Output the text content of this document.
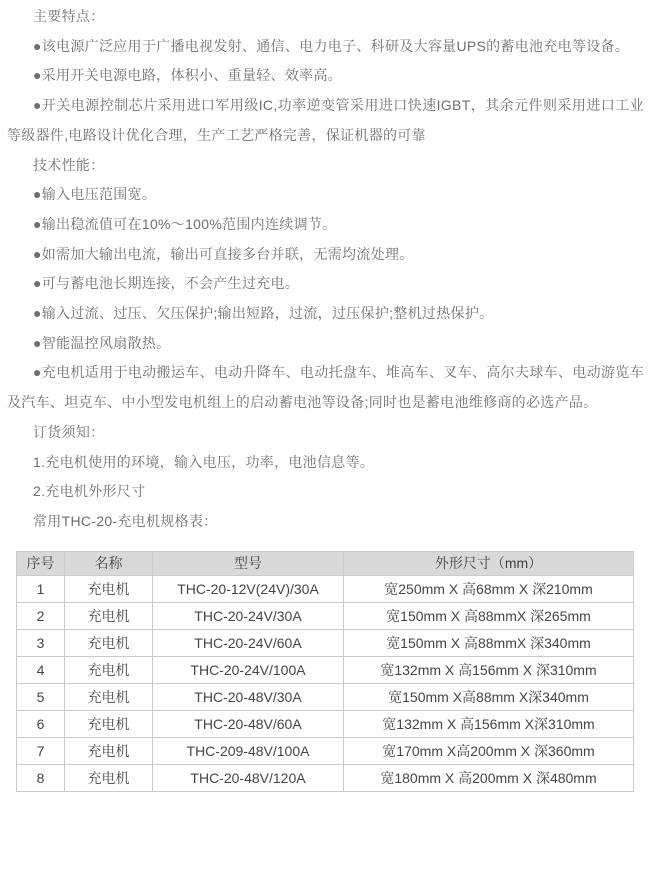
主要特点：

●该电源广泛应用于广播电视发射、通信、电力电子、科研及大容量UPS的蓄电池充电等设备。

●采用开关电源电路，体积小、重量轻、效率高。

●开关电源控制芯片采用进口军用级IC,功率逆变管采用进口快速IGBT，其余元件则采用进口工业等级器件,电路设计优化合理，生产工艺严格完善，保证机器的可靠

技术性能：

●输入电压范围宽。

●输出稳流值可在10%～100%范围内连续调节。

●如需加大输出电流，输出可直接多台并联，无需均流处理。

●可与蓄电池长期连接，不会产生过充电。

●输入过流、过压、欠压保护;输出短路，过流，过压保护;整机过热保护。

●智能温控风扇散热。

●充电机适用于电动搬运车、电动升降车、电动托盘车、堆高车、叉车、高尔夫球车、电动游览车及汽车、坦克车、中小型发电机组上的启动蓄电池等设备;同时也是蓄电池维修商的必选产品。

订货须知：

1.充电机使用的环境，输入电压，功率，电池信息等。

2.充电机外形尺寸

常用THC-20-充电机规格表：

序号	名称	型号	外形尺寸（mm）
1	充电机	THC-20-12V(24V)/30A	宽250mm X 高68mm X 深210mm
2	充电机	THC-20-24V/30A	宽150mm X 高88mmX 深265mm
3	充电机	THC-20-24V/60A	宽150mm X 高88mmX 深340mm
4	充电机	THC-20-24V/100A	宽132mm X 高156mm X 深310mm
5	充电机	THC-20-48V/30A	宽150mm X高88mm X深340mm
6	充电机	THC-20-48V/60A	宽132mm X 高156mm X深310mm
7	充电机	THC-209-48V/100A	宽170mm X高200mm X 深360mm
8	充电机	THC-20-48V/120A	宽180mm X 高200mm X 深480mm
